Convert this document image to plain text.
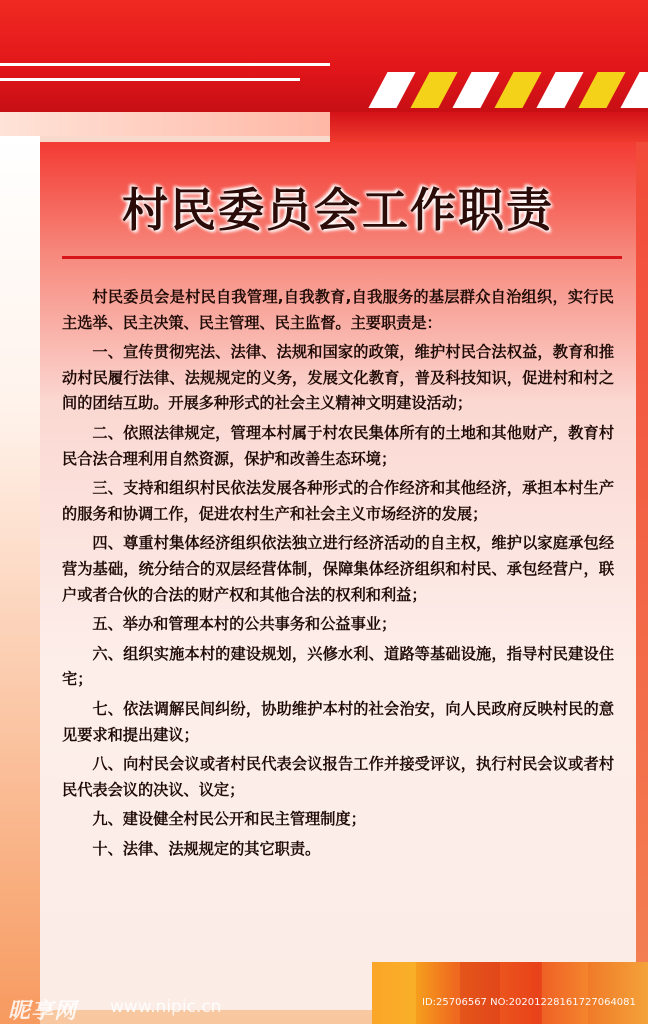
村民委员会工作职责

村民委员会是村民自我管理,自我教育,自我服务的基层群众自治组织，实行民主选举、民主决策、民主管理、民主监督。主要职责是：

一、宣传贯彻宪法、法律、法规和国家的政策，维护村民合法权益，教育和推动村民履行法律、法规规定的义务，发展文化教育，普及科技知识，促进村和村之间的团结互助。开展多种形式的社会主义精神文明建设活动；

二、依照法律规定，管理本村属于村农民集体所有的土地和其他财产，教育村民合法合理利用自然资源，保护和改善生态环境；

三、支持和组织村民依法发展各种形式的合作经济和其他经济，承担本村生产的服务和协调工作，促进农村生产和社会主义市场经济的发展；

四、尊重村集体经济组织依法独立进行经济活动的自主权，维护以家庭承包经营为基础，统分结合的双层经营体制，保障集体经济组织和村民、承包经营户，联户或者合伙的合法的财产权和其他合法的权利和利益；

五、举办和管理本村的公共事务和公益事业；

六、组织实施本村的建设规划，兴修水利、道路等基础设施，指导村民建设住宅；

七、依法调解民间纠纷，协助维护本村的社会治安，向人民政府反映村民的意见要求和提出建议；

八、向村民会议或者村民代表会议报告工作并接受评议，执行村民会议或者村民代表会议的决议、议定；

九、建设健全村民公开和民主管理制度；

十、法律、法规规定的其它职责。

昵享网 www.nipic.cn	ID:25706567 NO:20201228161727064081
